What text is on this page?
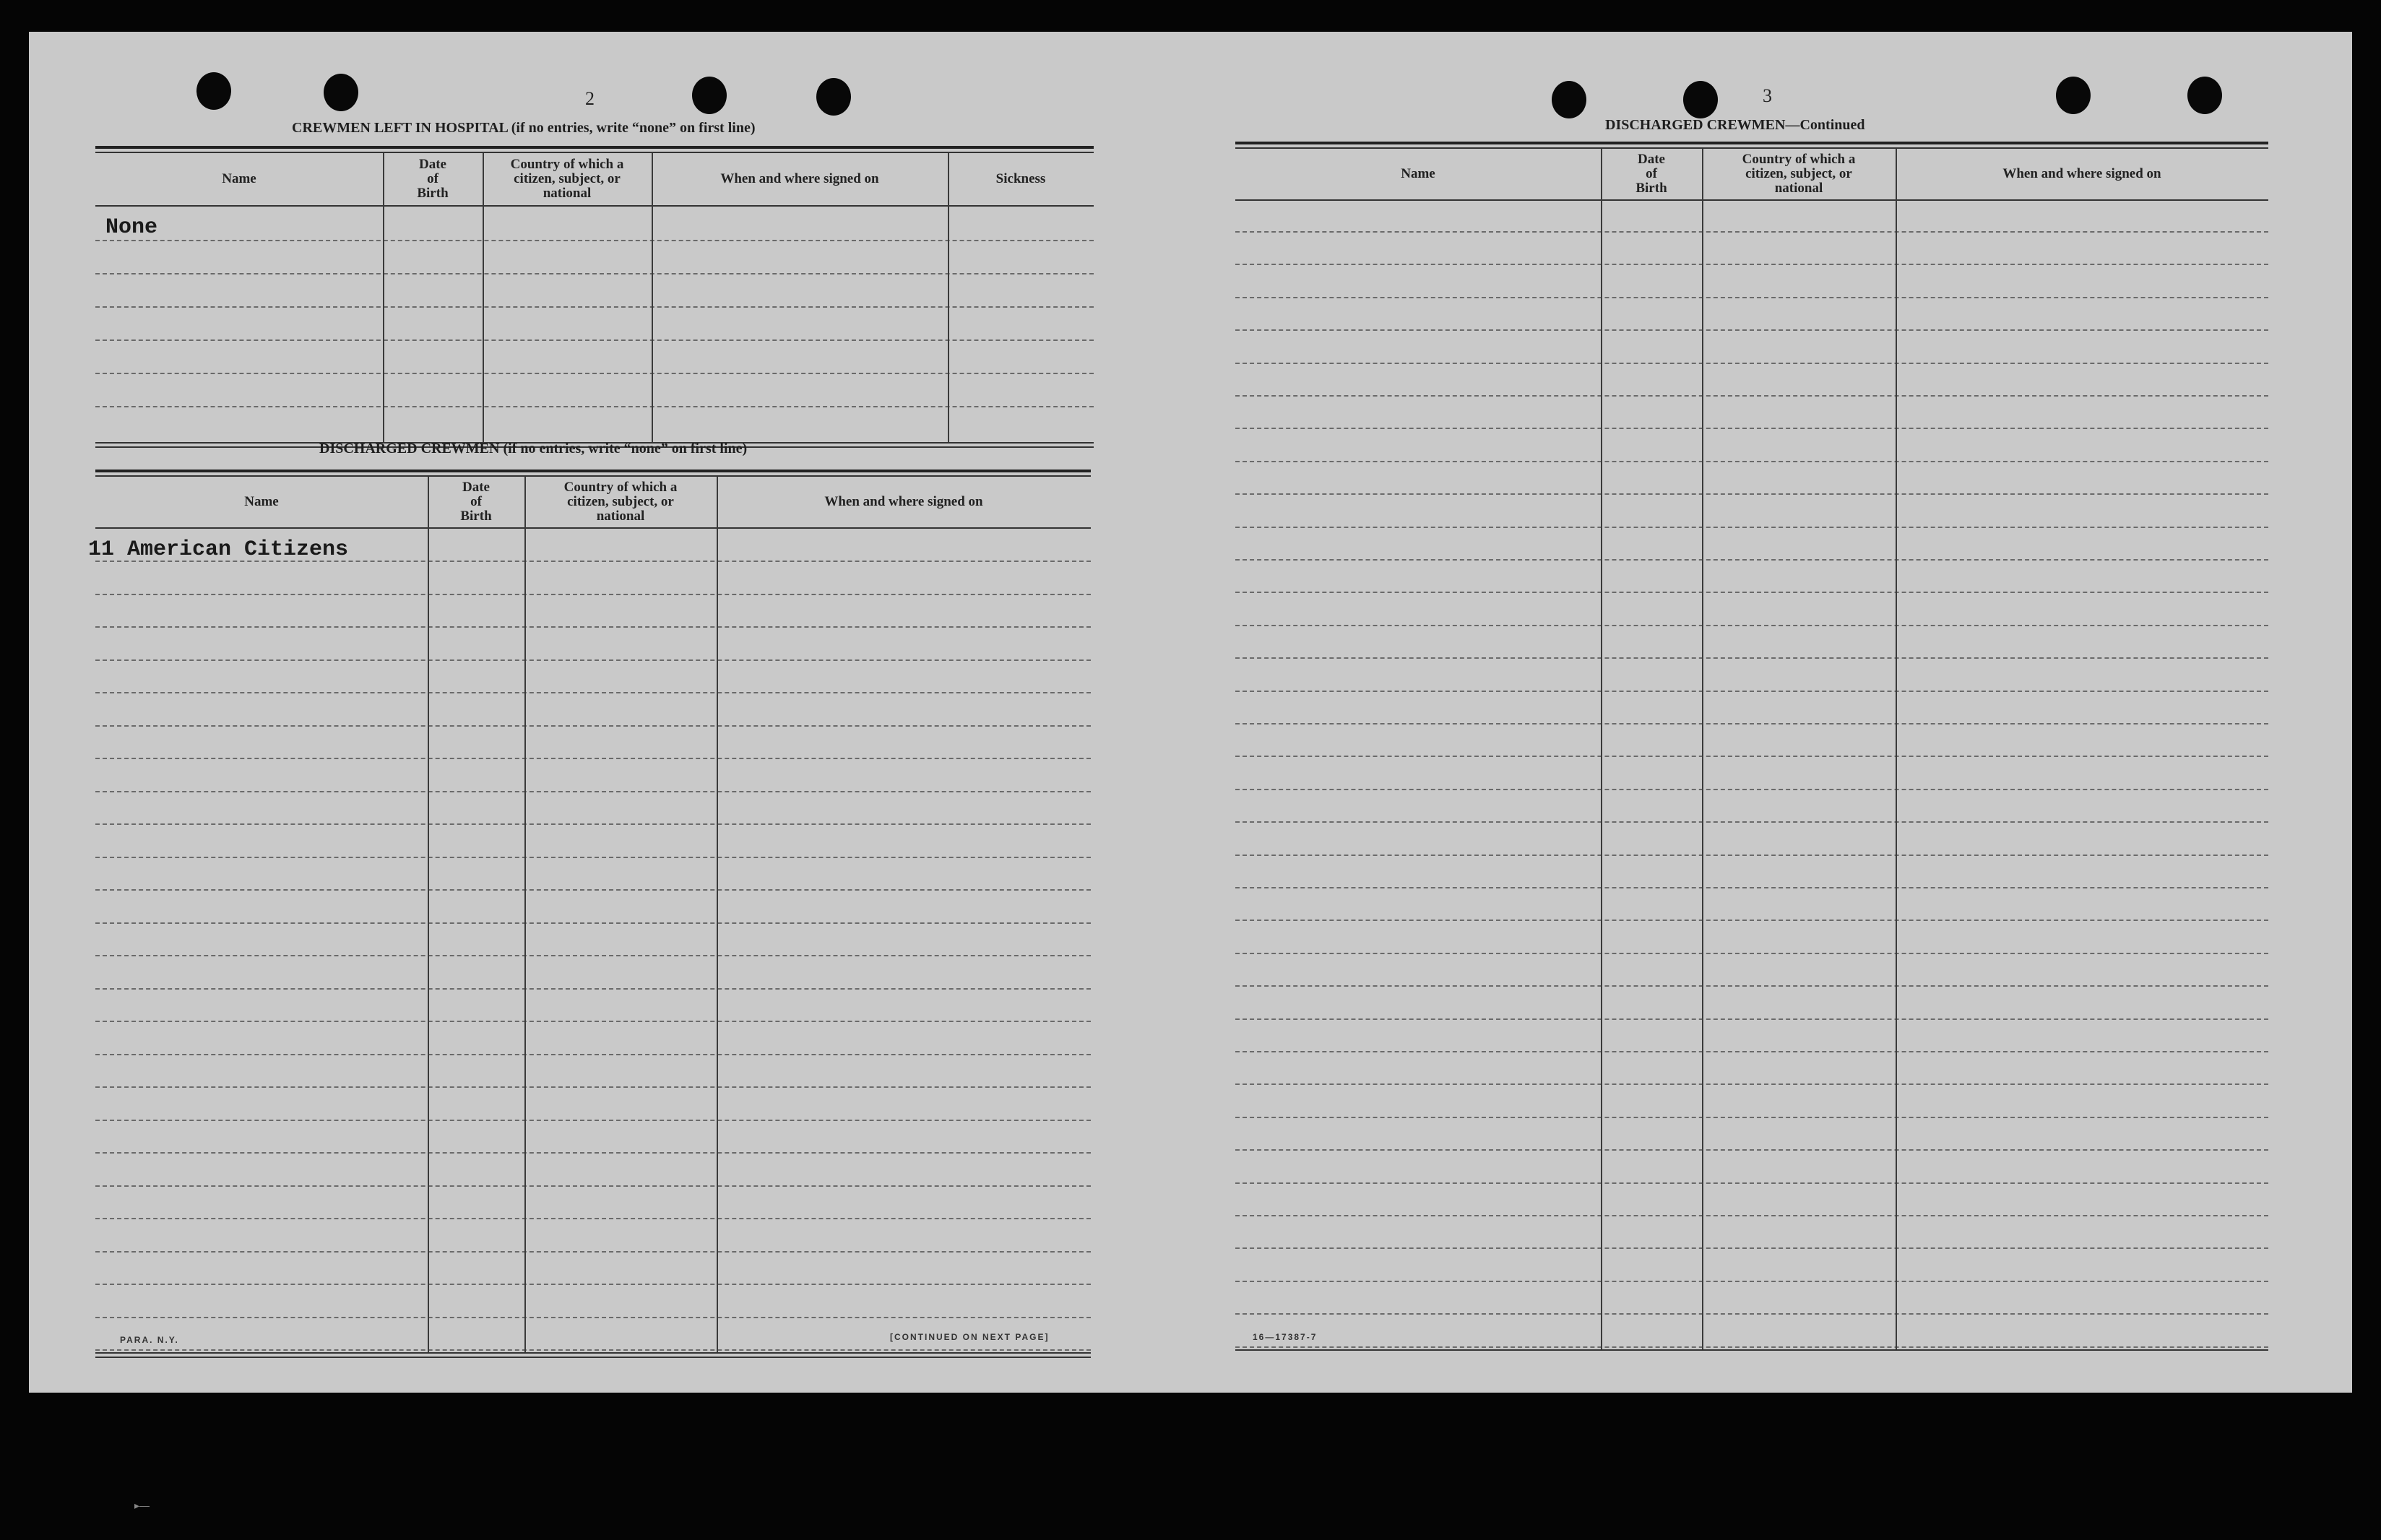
2
CREWMEN LEFT IN HOSPITAL (if no entries, write “none” on first line)
Name
Date
of
Birth
Country of which a
citizen, subject, or
national
When and where signed on	Sickness
None
DISCHARGED CREWMEN (if no entries, write “none” on first line)
Name
Date
of
Birth
Country of which a
citizen, subject, or
national
When and where signed on
11 American Citizens
PARA. N.Y.	[CONTINUED ON NEXT PAGE]
3
DISCHARGED CREWMEN—Continued
Name
Date
of
Birth
Country of which a
citizen, subject, or
national
When and where signed on
16—17387-7
▸—
